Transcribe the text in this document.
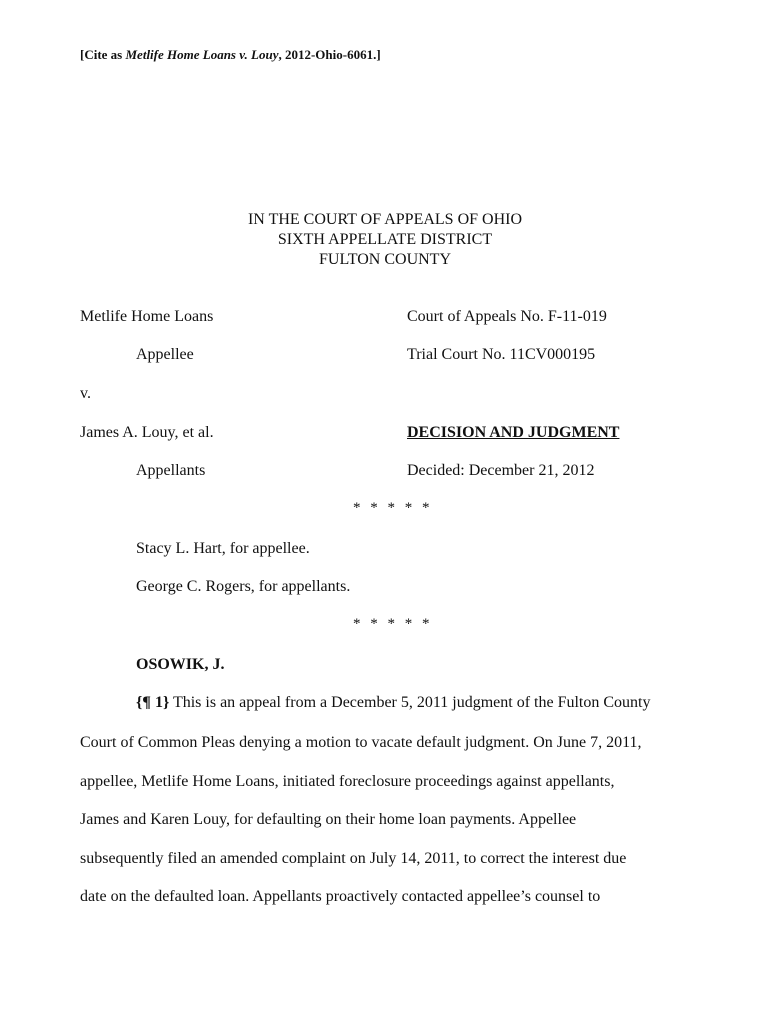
[Cite as Metlife Home Loans v. Louy, 2012-Ohio-6061.]
IN THE COURT OF APPEALS OF OHIO
SIXTH APPELLATE DISTRICT
FULTON COUNTY
Metlife Home Loans	Court of Appeals No. F-11-019
Appellee	Trial Court No. 11CV000195
v.
James A. Louy, et al.	DECISION AND JUDGMENT
Appellants	Decided: December 21, 2012
* * * * *
Stacy L. Hart, for appellee.
George C. Rogers, for appellants.
* * * * *
OSOWIK, J.
{¶ 1} This is an appeal from a December 5, 2011 judgment of the Fulton County
Court of Common Pleas denying a motion to vacate default judgment. On June 7, 2011,
appellee, Metlife Home Loans, initiated foreclosure proceedings against appellants,
James and Karen Louy, for defaulting on their home loan payments. Appellee
subsequently filed an amended complaint on July 14, 2011, to correct the interest due
date on the defaulted loan. Appellants proactively contacted appellee’s counsel to
